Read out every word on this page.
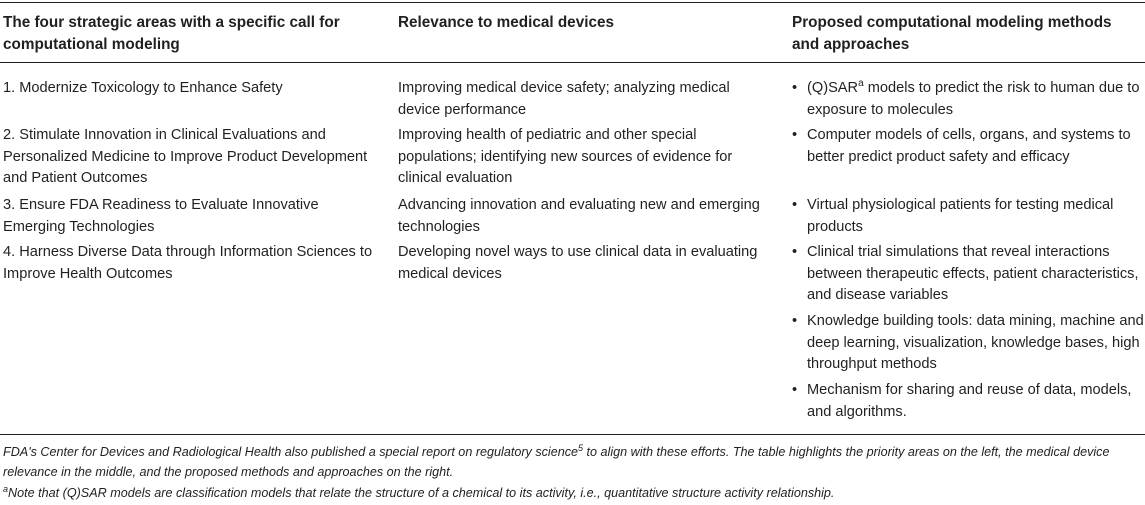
The four strategic areas with a specific call for computational modeling
Relevance to medical devices	Proposed computational modeling methods and approaches
1. Modernize Toxicology to Enhance Safety
2. Stimulate Innovation in Clinical Evaluations and Personalized Medicine to Improve Product Development and Patient Outcomes
3. Ensure FDA Readiness to Evaluate Innovative Emerging Technologies
4. Harness Diverse Data through Information Sciences to Improve Health Outcomes
Improving medical device safety; analyzing medical device performance
Improving health of pediatric and other special populations; identifying new sources of evidence for clinical evaluation
Advancing innovation and evaluating new and emerging technologies
Developing novel ways to use clinical data in evaluating medical devices
• (Q)SAR$^a$ models to predict the risk to human due to exposure to molecules
• Computer models of cells, organs, and systems to better predict product safety and efficacy
• Virtual physiological patients for testing medical products
• Clinical trial simulations that reveal interactions between therapeutic effects, patient characteristics, and disease variables
• Knowledge building tools: data mining, machine and deep learning, visualization, knowledge bases, high throughput methods
• Mechanism for sharing and reuse of data, models, and algorithms.
FDA's Center for Devices and Radiological Health also published a special report on regulatory science$^5$ to align with these efforts. The table highlights the priority areas on the left, the medical device relevance in the middle, and the proposed methods and approaches on the right.
$^a$Note that (Q)SAR models are classification models that relate the structure of a chemical to its activity, i.e., quantitative structure activity relationship.
